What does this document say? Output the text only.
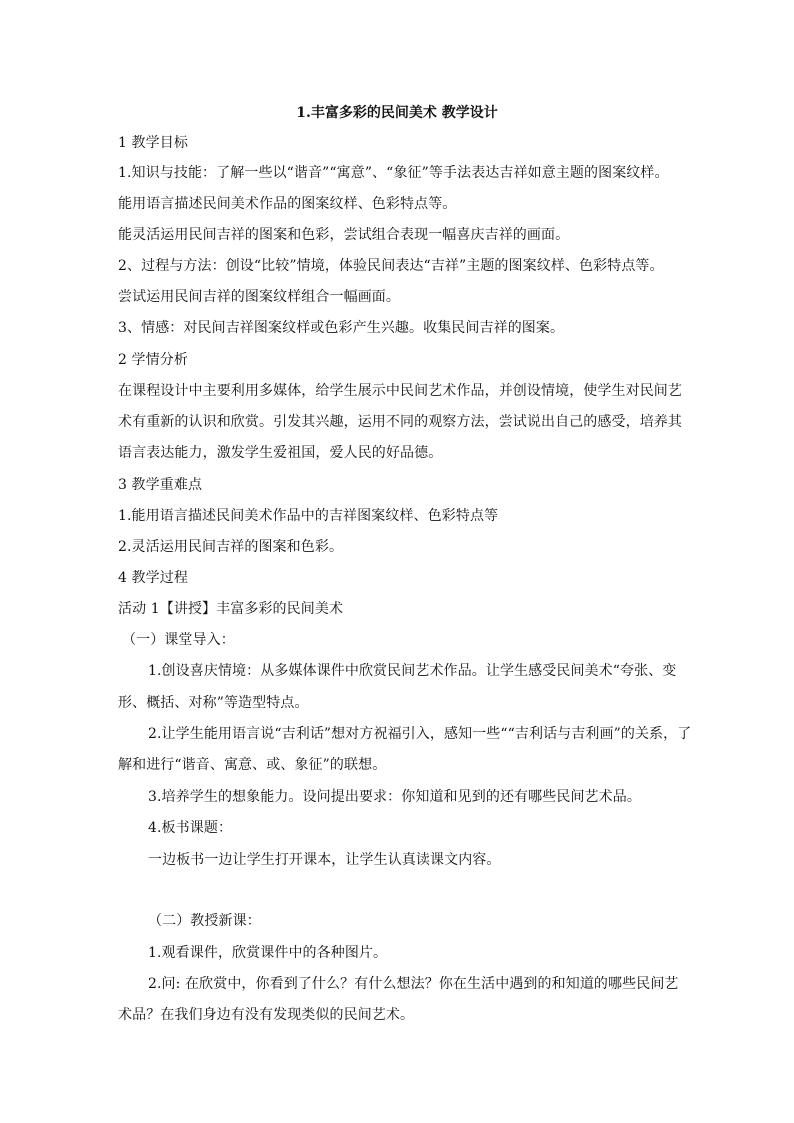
1.丰富多彩的民间美术 教学设计
1 教学目标
1.知识与技能：了解一些以“谐音”“寓意”、“象征”等手法表达吉祥如意主题的图案纹样。
能用语言描述民间美术作品的图案纹样、色彩特点等。
能灵活运用民间吉祥的图案和色彩，尝试组合表现一幅喜庆吉祥的画面。
2、过程与方法：创设“比较”情境，体验民间表达“吉祥”主题的图案纹样、色彩特点等。
尝试运用民间吉祥的图案纹样组合一幅画面。
3、情感：对民间吉祥图案纹样或色彩产生兴趣。收集民间吉祥的图案。
2 学情分析
在课程设计中主要利用多媒体，给学生展示中民间艺术作品，并创设情境，使学生对民间艺
术有重新的认识和欣赏。引发其兴趣，运用不同的观察方法，尝试说出自己的感受，培养其
语言表达能力，激发学生爱祖国，爱人民的好品德。
3 教学重难点
1.能用语言描述民间美术作品中的吉祥图案纹样、色彩特点等
2.灵活运用民间吉祥的图案和色彩。
4 教学过程
活动 1【讲授】丰富多彩的民间美术
（一）课堂导入：
1.创设喜庆情境：从多媒体课件中欣赏民间艺术作品。让学生感受民间美术“夸张、变
形、概括、对称”等造型特点。
2.让学生能用语言说“吉利话”想对方祝福引入，感知一些““吉利话与吉利画”的关系，了
解和进行“谐音、寓意、或、象征”的联想。
3.培养学生的想象能力。设问提出要求：你知道和见到的还有哪些民间艺术品。
4.板书课题：
一边板书一边让学生打开课本，让学生认真读课文内容。
（二）教授新课：
1.观看课件，欣赏课件中的各种图片。
2.问: 在欣赏中，你看到了什么？有什么想法？你在生活中遇到的和知道的哪些民间艺
术品？在我们身边有没有发现类似的民间艺术。
